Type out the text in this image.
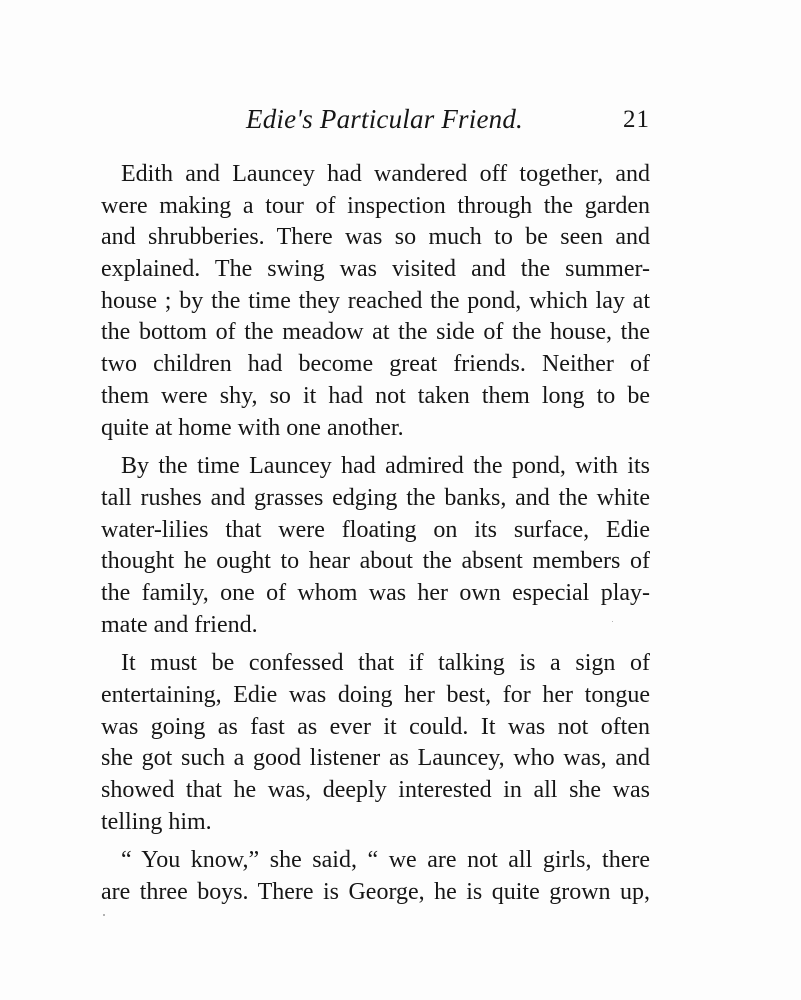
Edie's Particular Friend.	21
Edith and Launcey had wandered off together, and
were making a tour of inspection through the garden
and shrubberies. There was so much to be seen and
explained. The swing was visited and the summer-
house ; by the time they reached the pond, which lay at
the bottom of the meadow at the side of the house, the
two children had become great friends. Neither of
them were shy, so it had not taken them long to be
quite at home with one another.
By the time Launcey had admired the pond, with its
tall rushes and grasses edging the banks, and the white
water-lilies that were floating on its surface, Edie
thought he ought to hear about the absent members of
the family, one of whom was her own especial play-
mate and friend.
It must be confessed that if talking is a sign of
entertaining, Edie was doing her best, for her tongue
was going as fast as ever it could. It was not often
she got such a good listener as Launcey, who was, and
showed that he was, deeply interested in all she was
telling him.
“ You know,” she said, “ we are not all girls, there
are three boys. There is George, he is quite grown up,
